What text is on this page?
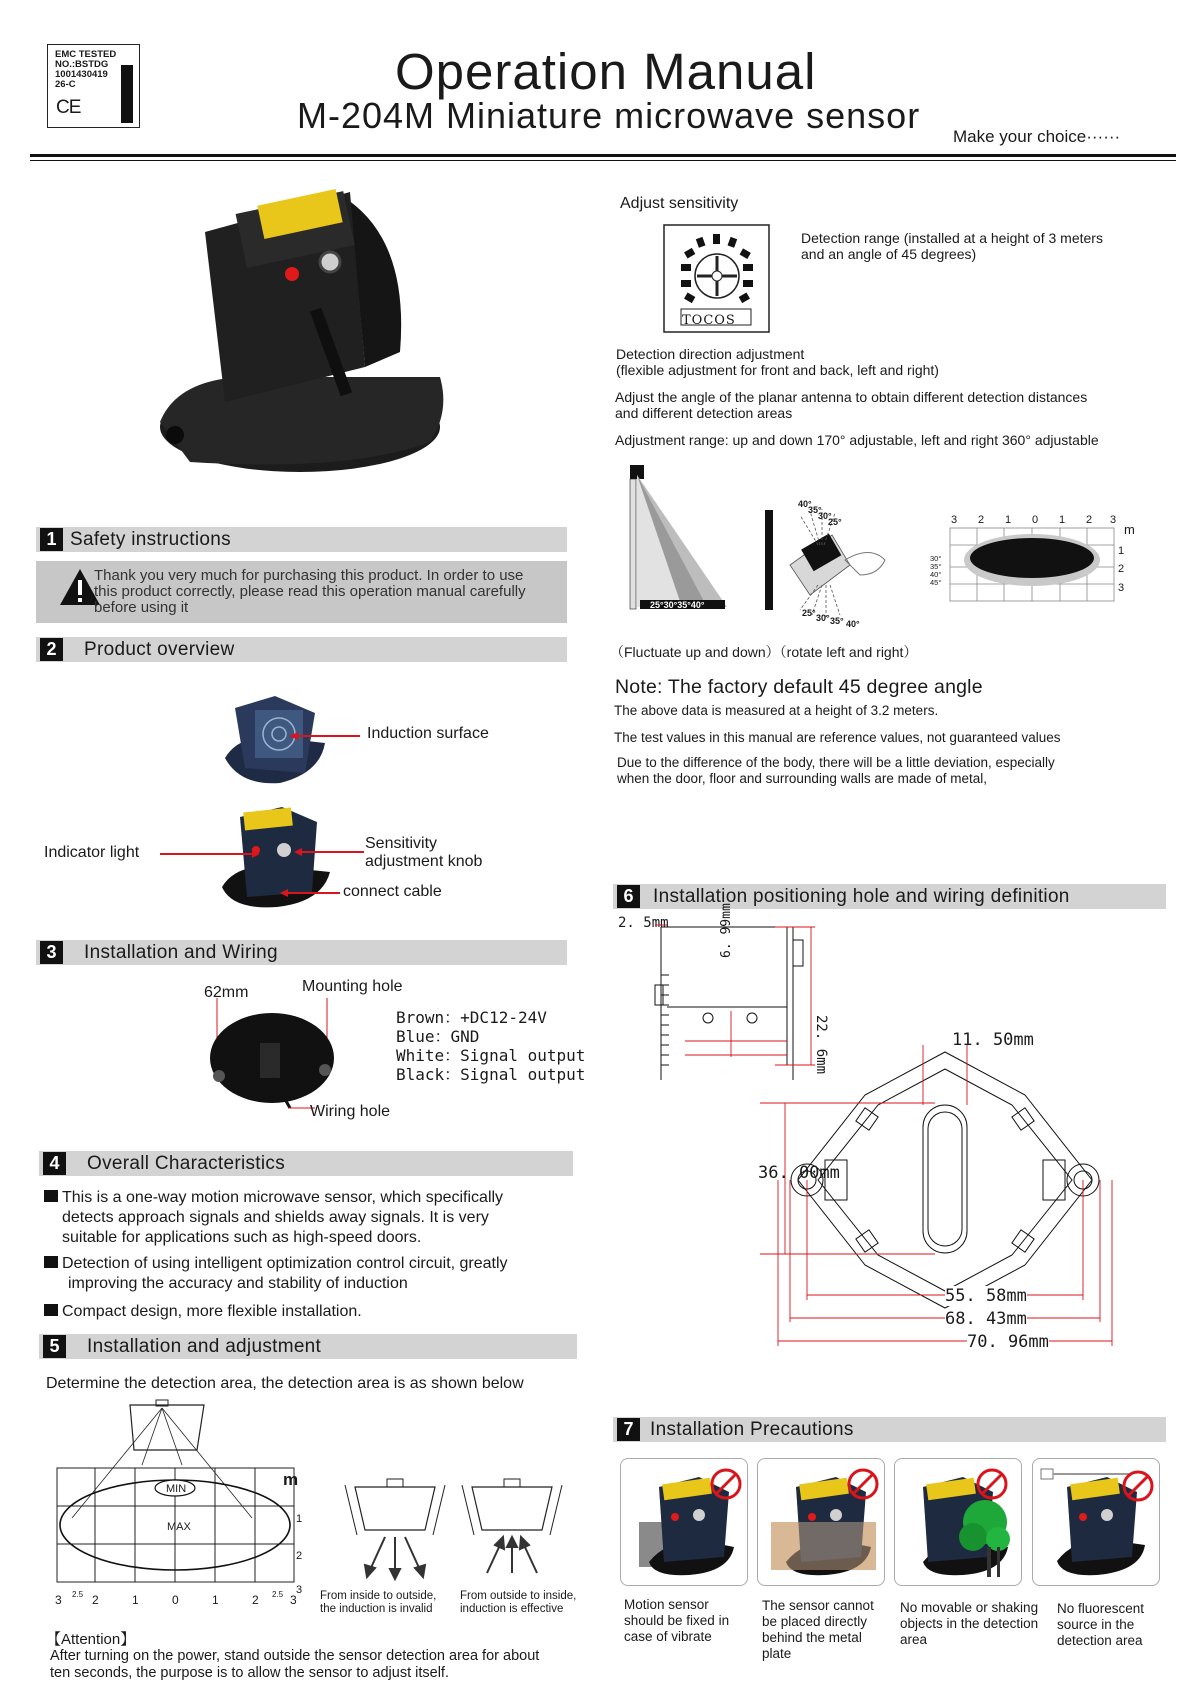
EMC TESTED
NO.:BSTDG
1001430419
26-C
CE
Operation Manual
M-204M Miniature microwave sensor
Make your choice······
1 Safety instructions
Thank you very much for purchasing this product. In order to use this product correctly, please read this operation manual carefully before using it
2	Product overview
Induction surface
Indicator light
Sensitivity
adjustment knob
connect cable
3	Installation and Wiring
62mm	Mounting hole
Wiring hole
Brown：+DC12-24V
Blue：GND
White：Signal output
Black：Signal output
4	Overall Characteristics
This is a one-way motion microwave sensor, which specifically
detects approach signals and shields away signals. It is very
suitable for applications such as high-speed doors.
Detection of using intelligent optimization control circuit, greatly
improving the accuracy and stability of induction
Compact design, more flexible installation.
5	Installation and adjustment
Determine the detection area, the detection area is as shown below
m
MIN
MAX
1
2
3
3 2.5 2	1	0	1	2 2.5 3 From inside to outside, the induction is invalid
From outside to inside, induction is effective
【Attention】
After turning on the power, stand outside the sensor detection area for about
ten seconds, the purpose is to allow the sensor to adjust itself.
Adjust sensitivity
TOCOS
Detection range (installed at a height of 3 meters
and an angle of 45 degrees)
Detection direction adjustment
(flexible adjustment for front and back, left and right)
Adjust the angle of the planar antenna to obtain different detection distances
and different detection areas
Adjustment range: up and down 170° adjustable, left and right 360° adjustable
25°30°35°40°
40°
35°
30°
25°
25° 30° 35° 40°
3 2 1 0 1 2 3
m
1
2
3
30°
35°
40°
45°
（Fluctuate up and down）（rotate left and right）
Note: The factory default 45 degree angle
The above data is measured at a height of 3.2 meters.
The test values in this manual are reference values, not guaranteed values
Due to the difference of the body, there will be a little deviation, especially
when the door, floor and surrounding walls are made of metal,
6	Installation positioning hole and wiring definition
2. 5mm	6. 99mm
22. 6mm	11. 50mm
36. 00mm
55. 58mm
68. 43mm
70. 96mm
7 Installation Precautions
Motion sensor should be fixed in case of vibrate
The sensor cannot be placed directly behind the metal plate
No movable or shaking objects in the detection area
No fluorescent source in the detection area
